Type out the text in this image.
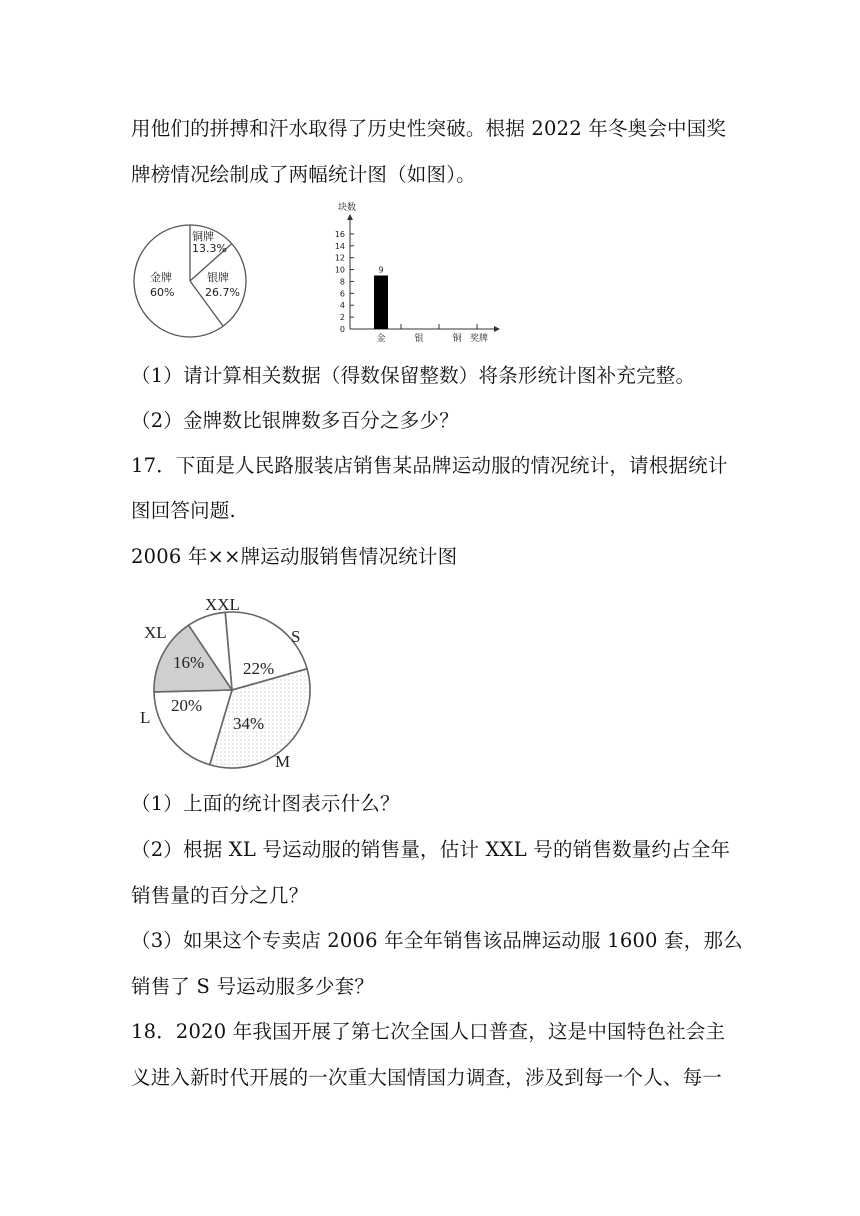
用他们的拼搏和汗水取得了历史性突破。根据 2022 年冬奥会中国奖
牌榜情况绘制成了两幅统计图（如图）。
铜牌
13.3%
银牌
26.7%
金牌
60%
块数
0
2
4
6
8
10
12
14
16
9
金	银	铜 奖牌
（1）请计算相关数据（得数保留整数）将条形统计图补充完整。
（2）金牌数比银牌数多百分之多少？
17．下面是人民路服装店销售某品牌运动服的情况统计，请根据统计
图回答问题.
2006 年××牌运动服销售情况统计图
XXL
S
XL
L
M
16% 22%
20%
34%
（1）上面的统计图表示什么？
（2）根据 XL 号运动服的销售量，估计 XXL 号的销售数量约占全年
销售量的百分之几？
（3）如果这个专卖店 2006 年全年销售该品牌运动服 1600 套，那么
销售了 S 号运动服多少套？
18．2020 年我国开展了第七次全国人口普查，这是中国特色社会主
义进入新时代开展的一次重大国情国力调查，涉及到每一个人、每一
